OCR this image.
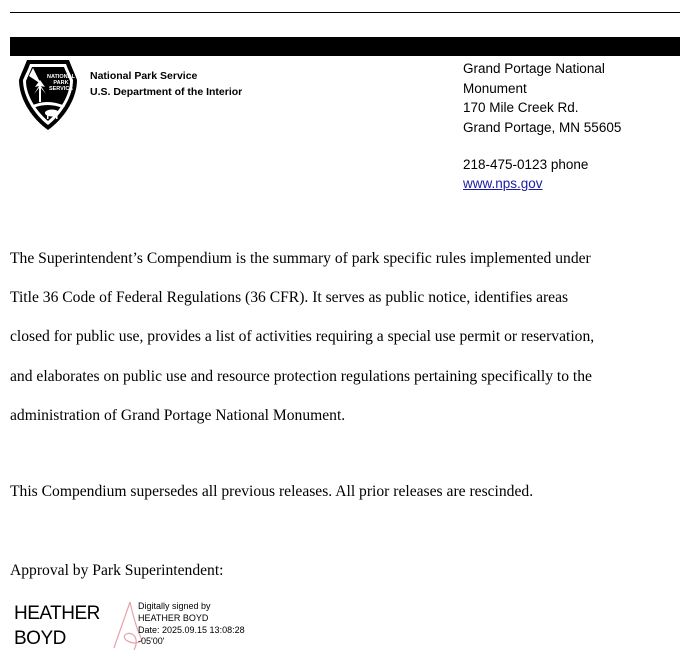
NATIONAL
PARK
SERVICE
National Park Service
U.S. Department of the Interior
Grand Portage National
Monument
170 Mile Creek Rd.
Grand Portage, MN 55605
218-475-0123 phone
www.nps.gov
The Superintendent’s Compendium is the summary of park specific rules implemented under
Title 36 Code of Federal Regulations (36 CFR). It serves as public notice, identifies areas
closed for public use, provides a list of activities requiring a special use permit or reservation,
and elaborates on public use and resource protection regulations pertaining specifically to the
administration of Grand Portage National Monument.
This Compendium supersedes all previous releases. All prior releases are rescinded.
Approval by Park Superintendent:
HEATHER
BOYD
Digitally signed by
HEATHER BOYD
Date: 2025.09.15 13:08:28
-05'00'
